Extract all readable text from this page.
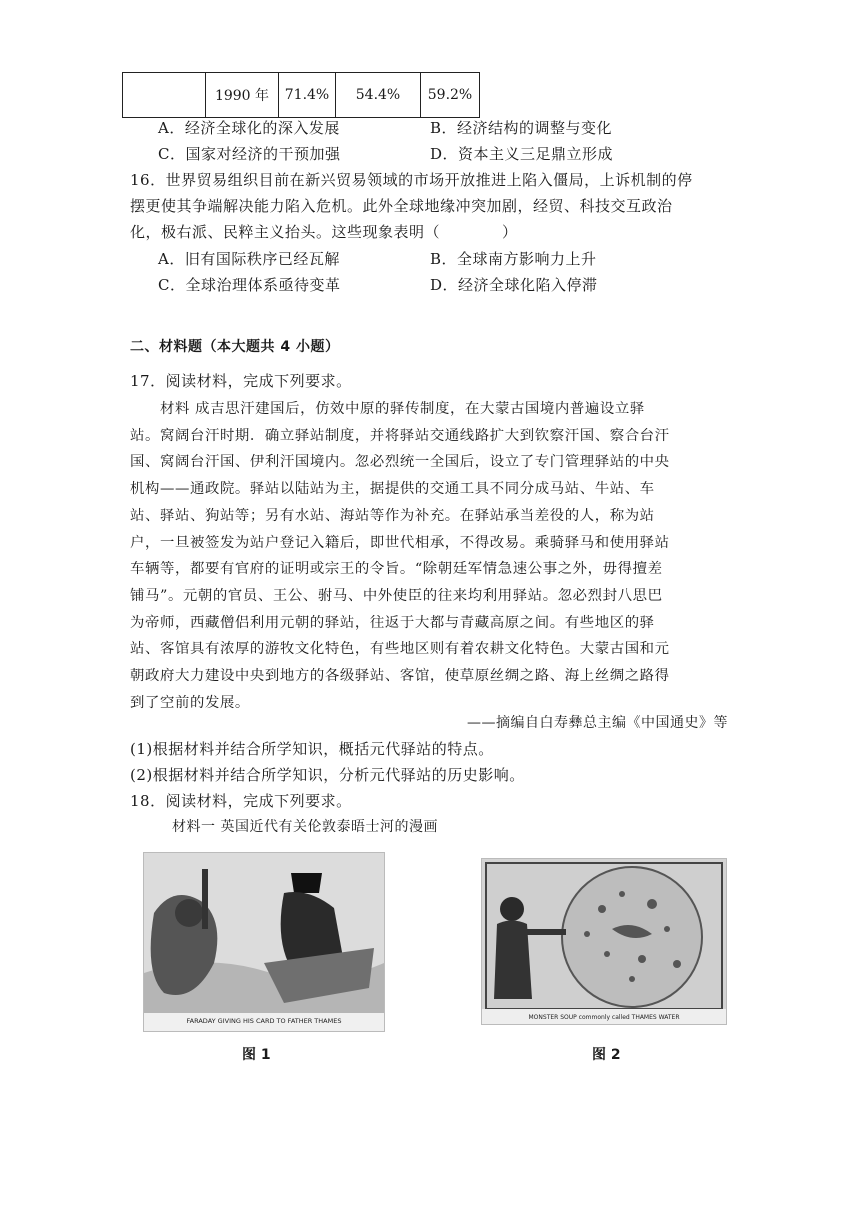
	1990 年	71.4%	54.4%	59.2%
A．经济全球化的深入发展	B．经济结构的调整与变化
C．国家对经济的干预加强	D．资本主义三足鼎立形成
16．世界贸易组织目前在新兴贸易领域的市场开放推进上陷入僵局，上诉机制的停
摆更使其争端解决能力陷入危机。此外全球地缘冲突加剧，经贸、科技交互政治
化，极右派、民粹主义抬头。这些现象表明（　　　　）
A．旧有国际秩序已经瓦解	B．全球南方影响力上升
C．全球治理体系亟待变革	D．经济全球化陷入停滞
二、材料题（本大题共 4 小题）
17．阅读材料，完成下列要求。
　　材料 成吉思汗建国后，仿效中原的驿传制度，在大蒙古国境内普遍设立驿
站。窝阔台汗时期．确立驿站制度，并将驿站交通线路扩大到钦察汗国、察合台汗
国、窝阔台汗国、伊利汗国境内。忽必烈统一全国后，设立了专门管理驿站的中央
机构——通政院。驿站以陆站为主，据提供的交通工具不同分成马站、牛站、车
站、驿站、狗站等；另有水站、海站等作为补充。在驿站承当差役的人，称为站
户，一旦被签发为站户登记入籍后，即世代相承，不得改易。乘骑驿马和使用驿站
车辆等，都要有官府的证明或宗王的令旨。“除朝廷军情急速公事之外，毋得擅差
铺马”。元朝的官员、王公、驸马、中外使臣的往来均利用驿站。忽必烈封八思巴
为帝师，西藏僧侣利用元朝的驿站，往返于大都与青藏高原之间。有些地区的驿
站、客馆具有浓厚的游牧文化特色，有些地区则有着农耕文化特色。大蒙古国和元
朝政府大力建设中央到地方的各级驿站、客馆，使草原丝绸之路、海上丝绸之路得
到了空前的发展。
——摘编自白寿彝总主编《中国通史》等
(1)根据材料并结合所学知识，概括元代驿站的特点。
(2)根据材料并结合所学知识，分析元代驿站的历史影响。
18．阅读材料，完成下列要求。
材料一 英国近代有关伦敦泰晤士河的漫画
FARADAY GIVING HIS CARD TO FATHER THAMES	MONSTER SOUP commonly called THAMES WATER
图 1	图 2
